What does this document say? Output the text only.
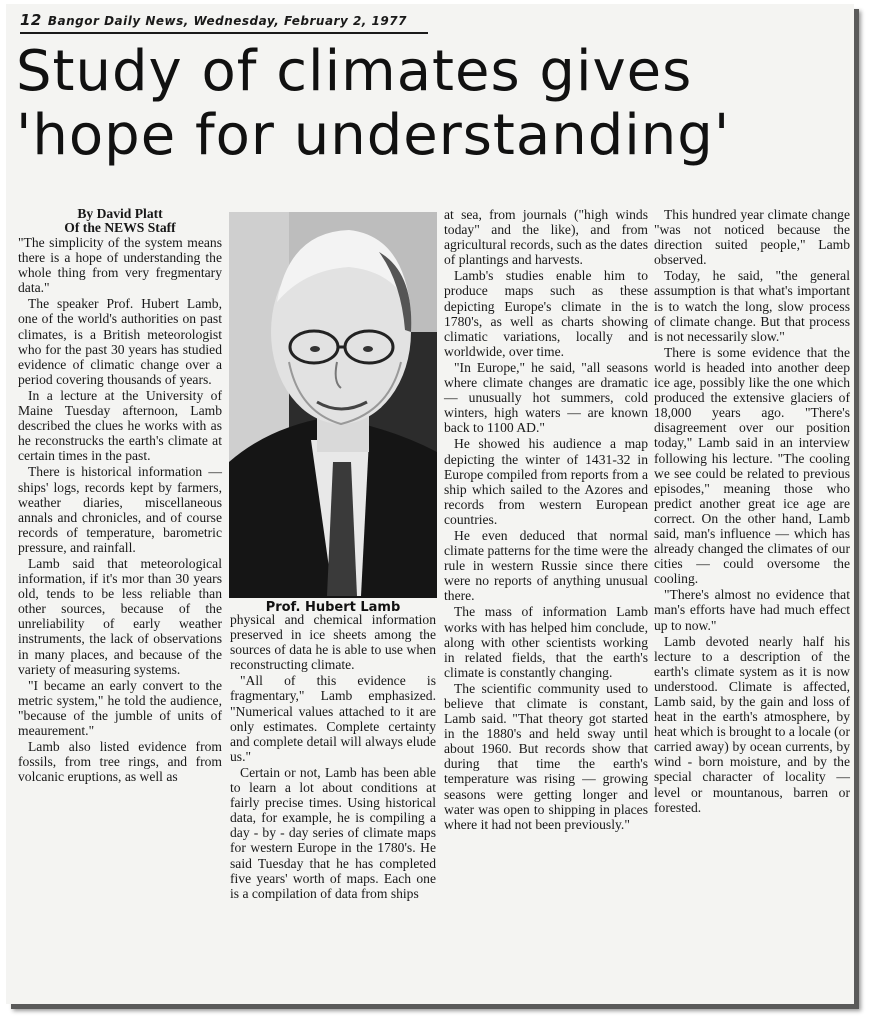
12 Bangor Daily News, Wednesday, February 2, 1977
Study of climates gives
'hope for understanding'
By David Platt
Of the NEWS Staff

"The simplicity of the system means there is a hope of understanding the whole thing from very fregmentary data."

The speaker Prof. Hubert Lamb, one of the world's authorities on past climates, is a British meteorologist who for the past 30 years has studied evidence of climatic change over a period covering thousands of years.

In a lecture at the University of Maine Tuesday afternoon, Lamb described the clues he works with as he reconstrucks the earth's climate at certain times in the past.

There is historical information — ships' logs, records kept by farmers, weather diaries, miscellaneous annals and chronicles, and of course records of temperature, barometric pressure, and rainfall.

Lamb said that meteorological information, if it's mor than 30 years old, tends to be less reliable than other sources, because of the unreliability of early weather instruments, the lack of observations in many places, and because of the variety of measuring systems.

"I became an early convert to the metric system," he told the audience, "because of the jumble of units of meaurement."

Lamb also listed evidence from fossils, from tree rings, and from volcanic eruptions, as well as

Prof. Hubert Lamb

physical and chemical information preserved in ice sheets among the sources of data he is able to use when reconstructing climate.

"All of this evidence is fragmentary," Lamb emphasized. "Numerical values attached to it are only estimates. Complete certainty and complete detail will always elude us."

Certain or not, Lamb has been able to learn a lot about conditions at fairly precise times. Using historical data, for example, he is compiling a day - by - day series of climate maps for western Europe in the 1780's. He said Tuesday that he has completed five years' worth of maps. Each one is a compilation of data from ships

at sea, from journals ("high winds today" and the like), and from agricultural records, such as the dates of plantings and harvests.

Lamb's studies enable him to produce maps such as these depicting Europe's climate in the 1780's, as well as charts showing climatic variations, locally and worldwide, over time.

"In Europe," he said, "all seasons where climate changes are dramatic — unusually hot summers, cold winters, high waters — are known back to 1100 AD."

He showed his audience a map depicting the winter of 1431-32 in Europe compiled from reports from a ship which sailed to the Azores and records from western European countries.

He even deduced that normal climate patterns for the time were the rule in western Russie since there were no reports of anything unusual there.

The mass of information Lamb works with has helped him conclude, along with other scientists working in related fields, that the earth's climate is constantly changing.

The scientific community used to believe that climate is constant, Lamb said. "That theory got started in the 1880's and held sway until about 1960. But records show that during that time the earth's temperature was rising — growing seasons were getting longer and water was open to shipping in places where it had not been previously."

This hundred year climate change "was not noticed because the direction suited people," Lamb observed.

Today, he said, "the general assumption is that what's important is to watch the long, slow process of climate change. But that process is not necessarily slow."

There is some evidence that the world is headed into another deep ice age, possibly like the one which produced the extensive glaciers of 18,000 years ago. "There's disagreement over our position today," Lamb said in an interview following his lecture. "The cooling we see could be related to previous episodes," meaning those who predict another great ice age are correct. On the other hand, Lamb said, man's influence — which has already changed the climates of our cities — could oversome the cooling.

"There's almost no evidence that man's efforts have had much effect up to now."

Lamb devoted nearly half his lecture to a description of the earth's climate system as it is now understood. Climate is affected, Lamb said, by the gain and loss of heat in the earth's atmosphere, by heat which is brought to a locale (or carried away) by ocean currents, by wind - born moisture, and by the special character of locality — level or mountanous, barren or forested.
